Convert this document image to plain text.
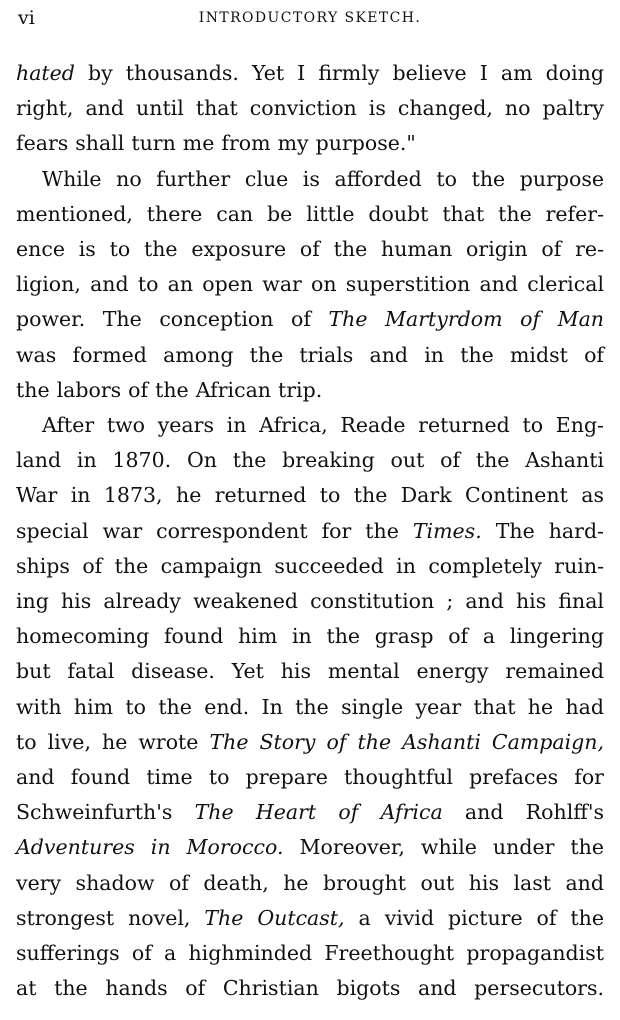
vi	INTRODUCTORY SKETCH.

hated by thousands. Yet I firmly believe I am doing
right, and until that conviction is changed, no paltry
fears shall turn me from my purpose."

While no further clue is afforded to the purpose
mentioned, there can be little doubt that the refer-
ence is to the exposure of the human origin of re-
ligion, and to an open war on superstition and clerical
power. The conception of The Martyrdom of Man
was formed among the trials and in the midst of
the labors of the African trip.

After two years in Africa, Reade returned to Eng-
land in 1870. On the breaking out of the Ashanti
War in 1873, he returned to the Dark Continent as
special war correspondent for the Times. The hard-
ships of the campaign succeeded in completely ruin-
ing his already weakened constitution ; and his final
homecoming found him in the grasp of a lingering
but fatal disease. Yet his mental energy remained
with him to the end. In the single year that he had
to live, he wrote The Story of the Ashanti Campaign,
and found time to prepare thoughtful prefaces for
Schweinfurth's The Heart of Africa and Rohlff's
Adventures in Morocco. Moreover, while under the
very shadow of death, he brought out his last and
strongest novel, The Outcast, a vivid picture of the
sufferings of a highminded Freethought propagandist
at the hands of Christian bigots and persecutors.
